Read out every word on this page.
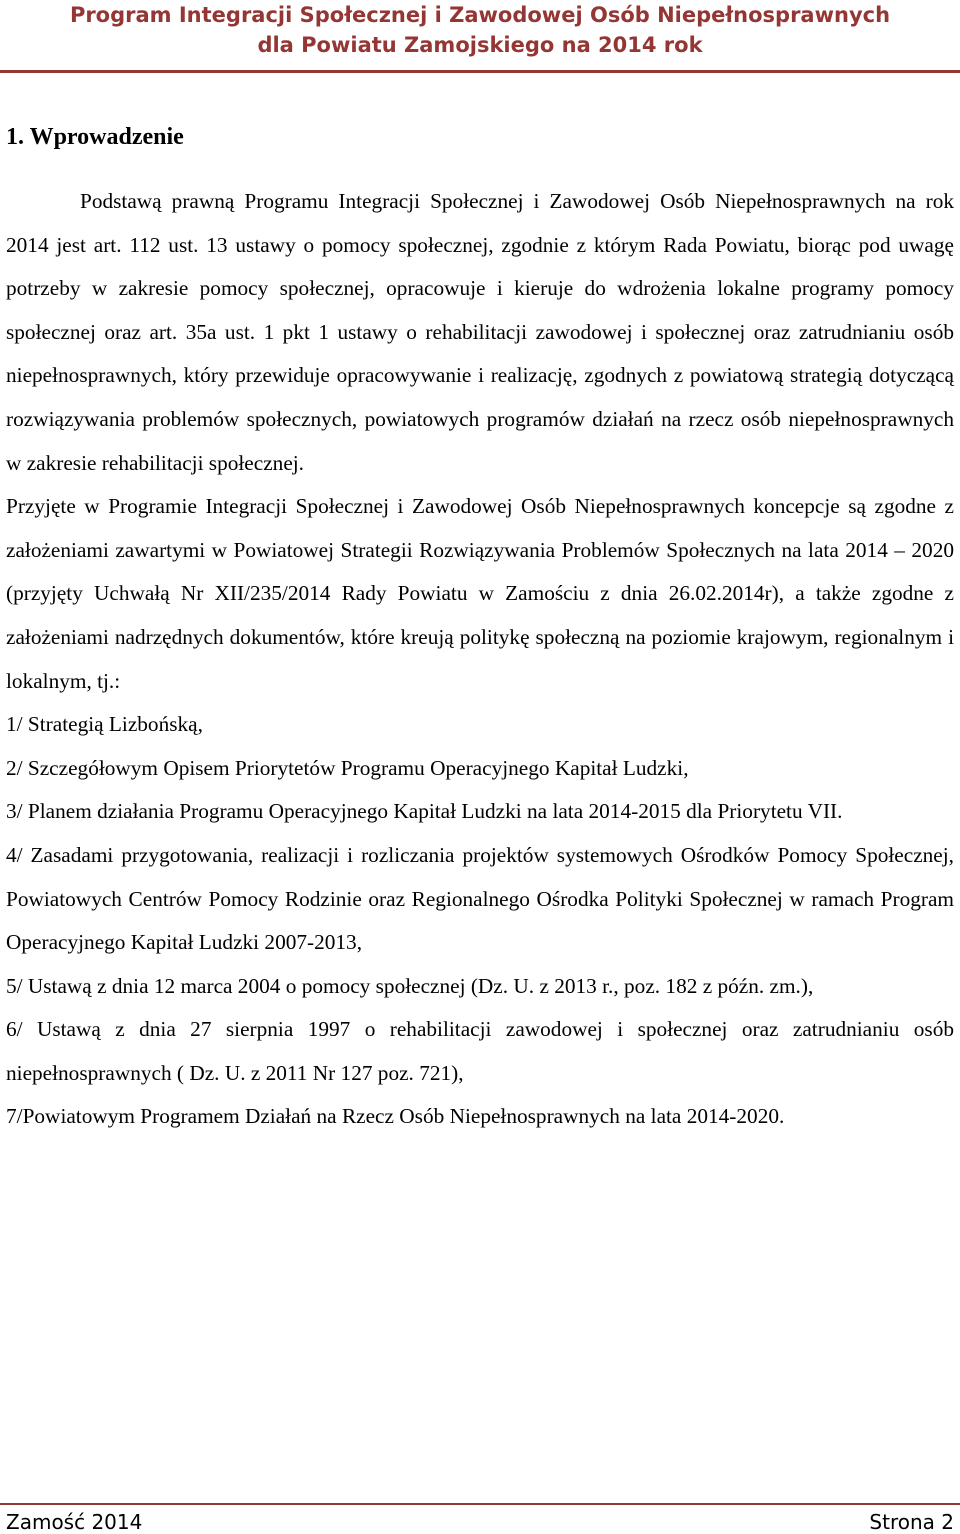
Program Integracji Społecznej i Zawodowej Osób Niepełnosprawnych
dla Powiatu Zamojskiego na 2014 rok
1. Wprowadzenie

Podstawą prawną Programu Integracji Społecznej i Zawodowej Osób Niepełnosprawnych na rok 2014 jest art. 112 ust. 13 ustawy o pomocy społecznej, zgodnie z którym Rada Powiatu, biorąc pod uwagę potrzeby w zakresie pomocy społecznej, opracowuje i kieruje do wdrożenia lokalne programy pomocy społecznej oraz art. 35a ust. 1 pkt 1 ustawy o rehabilitacji zawodowej i społecznej oraz zatrudnianiu osób niepełnosprawnych, który przewiduje opracowywanie i realizację, zgodnych z powiatową strategią dotyczącą rozwiązywania problemów społecznych, powiatowych programów działań na rzecz osób niepełnosprawnych w zakresie rehabilitacji społecznej.

Przyjęte w Programie Integracji Społecznej i Zawodowej Osób Niepełnosprawnych koncepcje są zgodne z założeniami zawartymi w Powiatowej Strategii Rozwiązywania Problemów Społecznych na lata 2014 – 2020 (przyjęty Uchwałą Nr XII/235/2014 Rady Powiatu w Zamościu z dnia 26.02.2014r), a także zgodne z założeniami nadrzędnych dokumentów, które kreują politykę społeczną na poziomie krajowym, regionalnym i lokalnym, tj.:

1/ Strategią Lizbońską,

2/ Szczegółowym Opisem Priorytetów Programu Operacyjnego Kapitał Ludzki,

3/ Planem działania Programu Operacyjnego Kapitał Ludzki na lata 2014-2015 dla Priorytetu VII.

4/ Zasadami przygotowania, realizacji i rozliczania projektów systemowych Ośrodków Pomocy Społecznej, Powiatowych Centrów Pomocy Rodzinie oraz Regionalnego Ośrodka Polityki Społecznej w ramach Program Operacyjnego Kapitał Ludzki 2007-2013,

5/ Ustawą z dnia 12 marca 2004 o pomocy społecznej (Dz. U. z 2013 r., poz. 182 z późn. zm.),

6/ Ustawą z dnia 27 sierpnia 1997 o rehabilitacji zawodowej i społecznej oraz zatrudnianiu osób niepełnosprawnych ( Dz. U. z 2011 Nr 127 poz. 721),

7/Powiatowym Programem Działań na Rzecz Osób Niepełnosprawnych na lata 2014-2020.

Zamość 2014	Strona 2
